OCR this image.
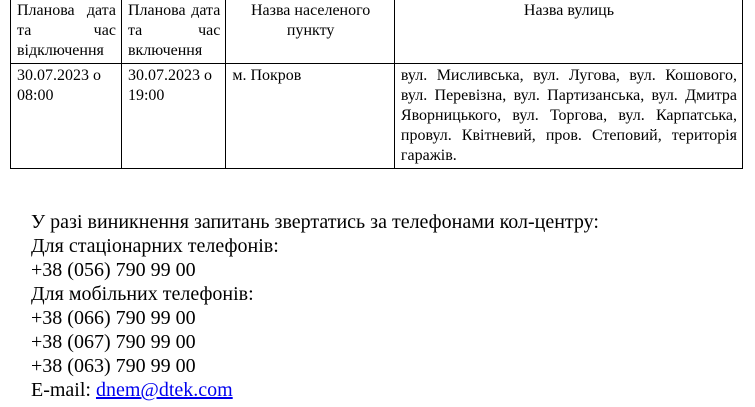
Планова дата та час відключення	Планова дата та час включення	Назва населеного пункту	Назва вулиць
30.07.2023 о 08:00	30.07.2023 о 19:00	м. Покров	вул. Мисливська, вул. Лугова, вул. Кошового, вул. Перевізна, вул. Партизанська, вул. Дмитра Яворницького, вул. Торгова, вул. Карпатська, провул. Квітневий, пров. Степовий, територія гаражів.
У разі виникнення запитань звертатись за телефонами кол-центру:
Для стаціонарних телефонів:
+38 (056) 790 99 00
Для мобільних телефонів:
+38 (066) 790 99 00
+38 (067) 790 99 00
+38 (063) 790 99 00
E-mail: dnem@dtek.com
